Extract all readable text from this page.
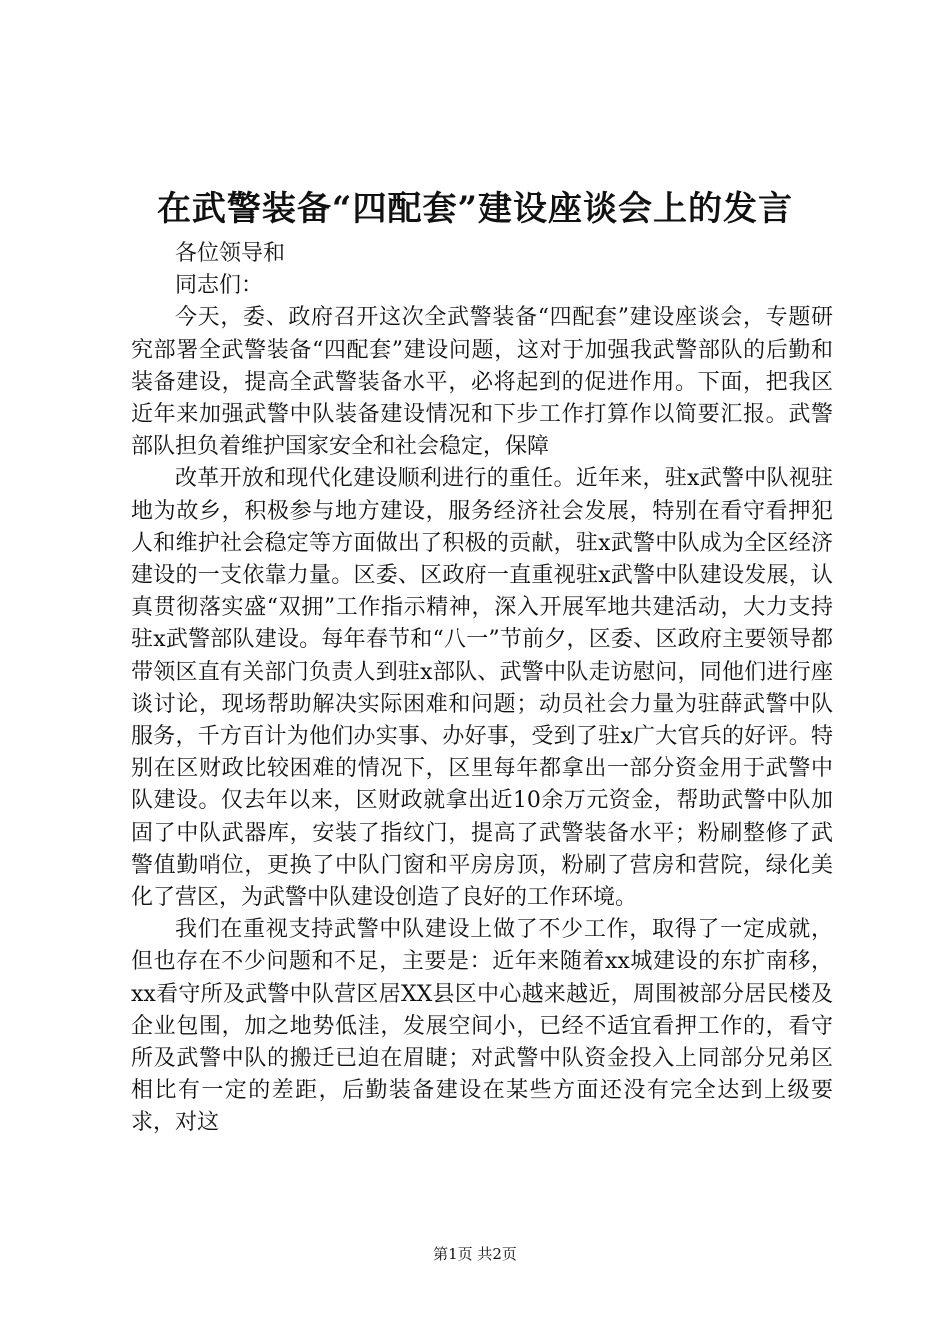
在武警装备“四配套”建设座谈会上的发言

各位领导和

同志们：

今天，委、政府召开这次全武警装备“四配套”建设座谈会，专题研究部署全武警装备“四配套”建设问题，这对于加强我武警部队的后勤和装备建设，提高全武警装备水平，必将起到的促进作用。下面，把我区近年来加强武警中队装备建设情况和下步工作打算作以简要汇报。武警部队担负着维护国家安全和社会稳定，保障

改革开放和现代化建设顺利进行的重任。近年来，驻x武警中队视驻地为故乡，积极参与地方建设，服务经济社会发展，特别在看守看押犯人和维护社会稳定等方面做出了积极的贡献，驻x武警中队成为全区经济建设的一支依靠力量。区委、区政府一直重视驻x武警中队建设发展，认真贯彻落实盛“双拥”工作指示精神，深入开展军地共建活动，大力支持驻x武警部队建设。每年春节和“八一”节前夕，区委、区政府主要领导都带领区直有关部门负责人到驻x部队、武警中队走访慰问，同他们进行座谈讨论，现场帮助解决实际困难和问题；动员社会力量为驻薛武警中队服务，千方百计为他们办实事、办好事，受到了驻x广大官兵的好评。特别在区财政比较困难的情况下，区里每年都拿出一部分资金用于武警中队建设。仅去年以来，区财政就拿出近10余万元资金，帮助武警中队加固了中队武器库，安装了指纹门，提高了武警装备水平；粉刷整修了武警值勤哨位，更换了中队门窗和平房房顶，粉刷了营房和营院，绿化美化了营区，为武警中队建设创造了良好的工作环境。

我们在重视支持武警中队建设上做了不少工作，取得了一定成就，但也存在不少问题和不足，主要是：近年来随着xx城建设的东扩南移，xx看守所及武警中队营区居XX县区中心越来越近，周围被部分居民楼及企业包围，加之地势低洼，发展空间小，已经不适宜看押工作的，看守所及武警中队的搬迁已迫在眉睫；对武警中队资金投入上同部分兄弟区相比有一定的差距，后勤装备建设在某些方面还没有完全达到上级要求，对这

第1页 共2页
